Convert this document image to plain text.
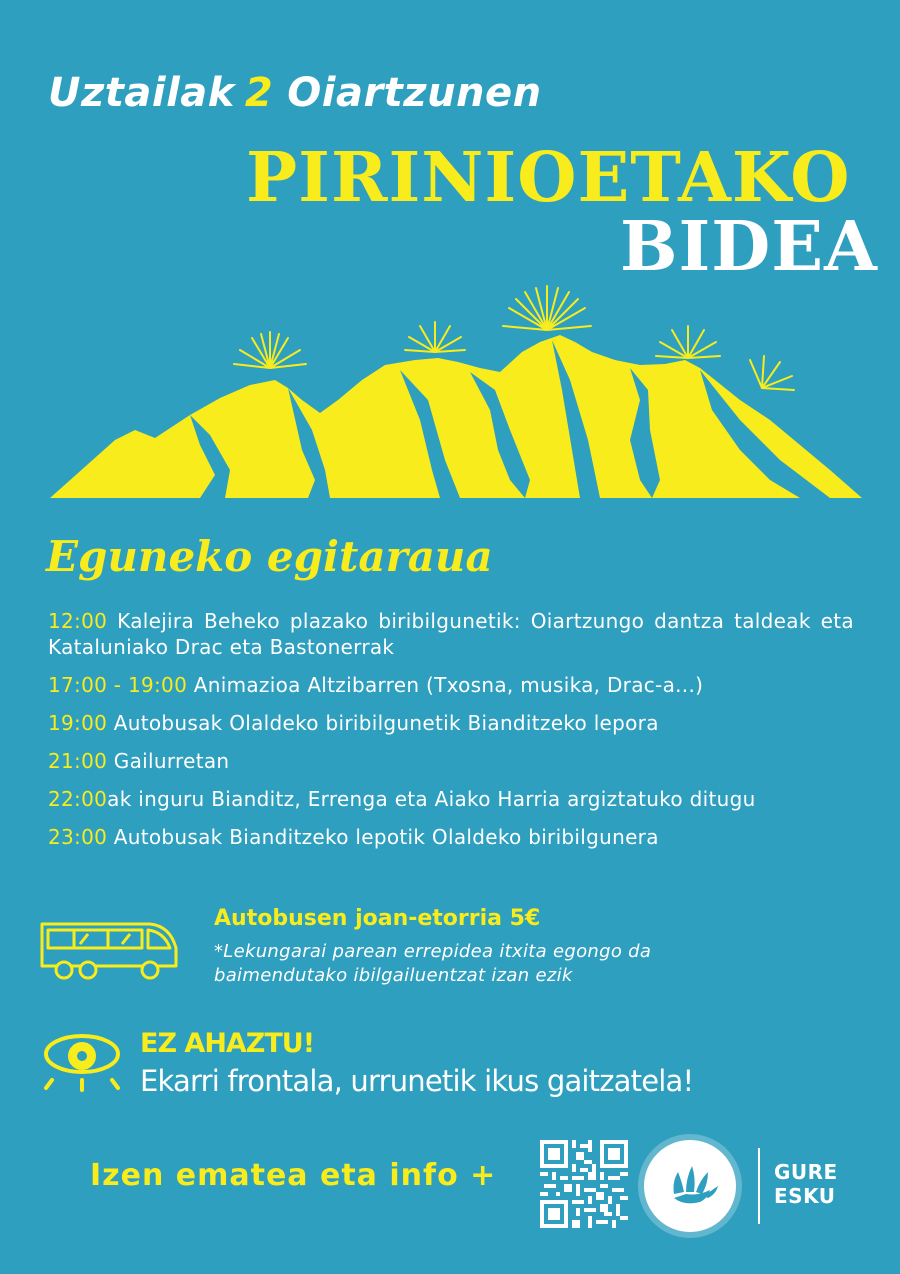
Uztailak 2 Oiartzunen
PIRINIOETAKO
BIDEA
Eguneko egitaraua
12:00 Kalejira Beheko plazako biribilgunetik: Oiartzungo dantza taldeak eta Kataluniako Drac eta Bastonerrak
17:00 - 19:00 Animazioa Altzibarren (Txosna, musika, Drac-a...)
19:00 Autobusak Olaldeko biribilgunetik Bianditzeko lepora
21:00 Gailurretan
22:00ak inguru Bianditz, Errenga eta Aiako Harria argiztatuko ditugu
23:00 Autobusak Bianditzeko lepotik Olaldeko biribilgunera
Autobusen joan-etorria 5€
*Lekungarai parean errepidea itxita egongo da baimendutako ibilgailuentzat izan ezik
EZ AHAZTU!
Ekarri frontala, urrunetik ikus gaitzatela!
Izen ematea eta info +	GURE
ESKU
